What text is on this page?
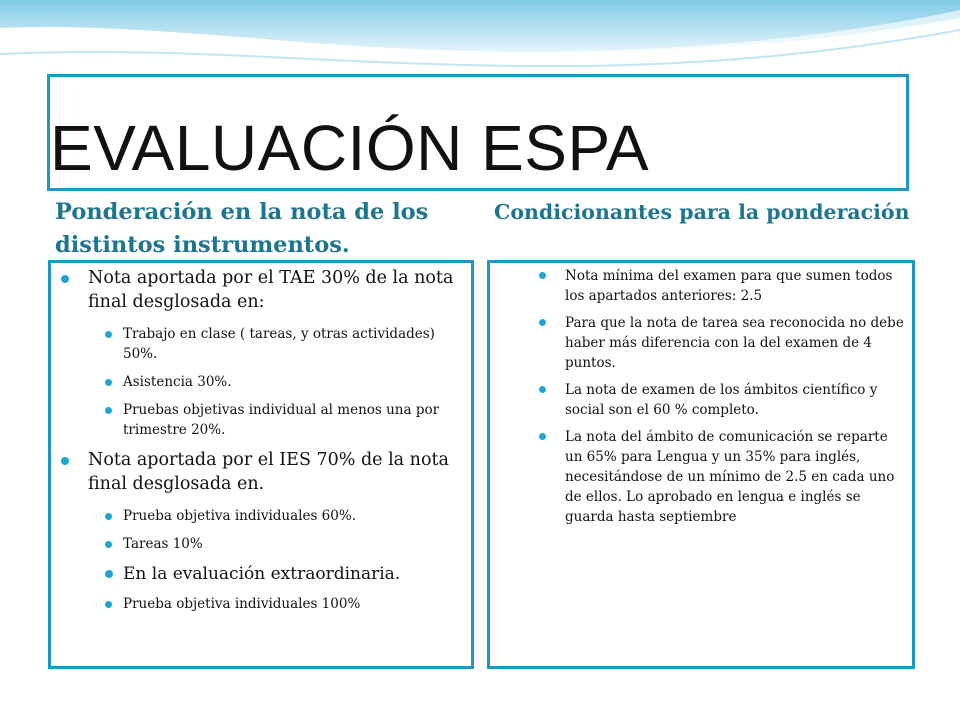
EVALUACIÓN ESPA
Ponderación en la nota de los distintos instrumentos.
Condicionantes para la ponderación
Nota aportada por el TAE 30% de la nota final desglosada en:
Trabajo en clase ( tareas, y otras actividades) 50%.
Asistencia 30%.
Pruebas objetivas individual al menos una por trimestre 20%.
Nota aportada por el IES 70% de la nota final desglosada en.
Prueba objetiva individuales 60%.
Tareas 10%
En la evaluación extraordinaria.
Prueba objetiva individuales 100%
Nota mínima del examen para que sumen todos los apartados anteriores: 2.5
Para que la nota de tarea sea reconocida no debe haber más diferencia con la del examen de 4 puntos.
La nota de examen de los ámbitos científico y social son el 60 % completo.
La nota del ámbito de comunicación se reparte un 65% para Lengua y un 35% para inglés, necesitándose de un mínimo de 2.5 en cada uno de ellos. Lo aprobado en lengua e inglés se guarda hasta septiembre
